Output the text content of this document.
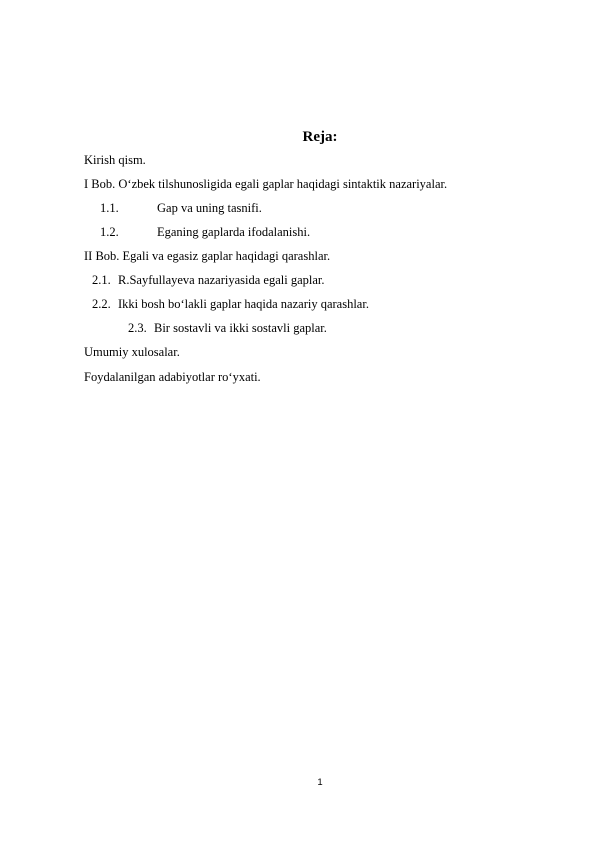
Reja:
Kirish qism.
I Bob. O‘zbek tilshunosligida egali gaplar haqidagi sintaktik nazariyalar.
1.1.	Gap va uning tasnifi.
1.2.	Eganing gaplarda ifodalanishi.
II Bob. Egali va egasiz gaplar haqidagi qarashlar.
2.1. R.Sayfullayeva nazariyasida egali gaplar.
2.2. Ikki bosh bo‘lakli gaplar haqida nazariy qarashlar.
2.3. Bir sostavli va ikki sostavli gaplar.
Umumiy xulosalar.
Foydalanilgan adabiyotlar ro‘yxati.
1
